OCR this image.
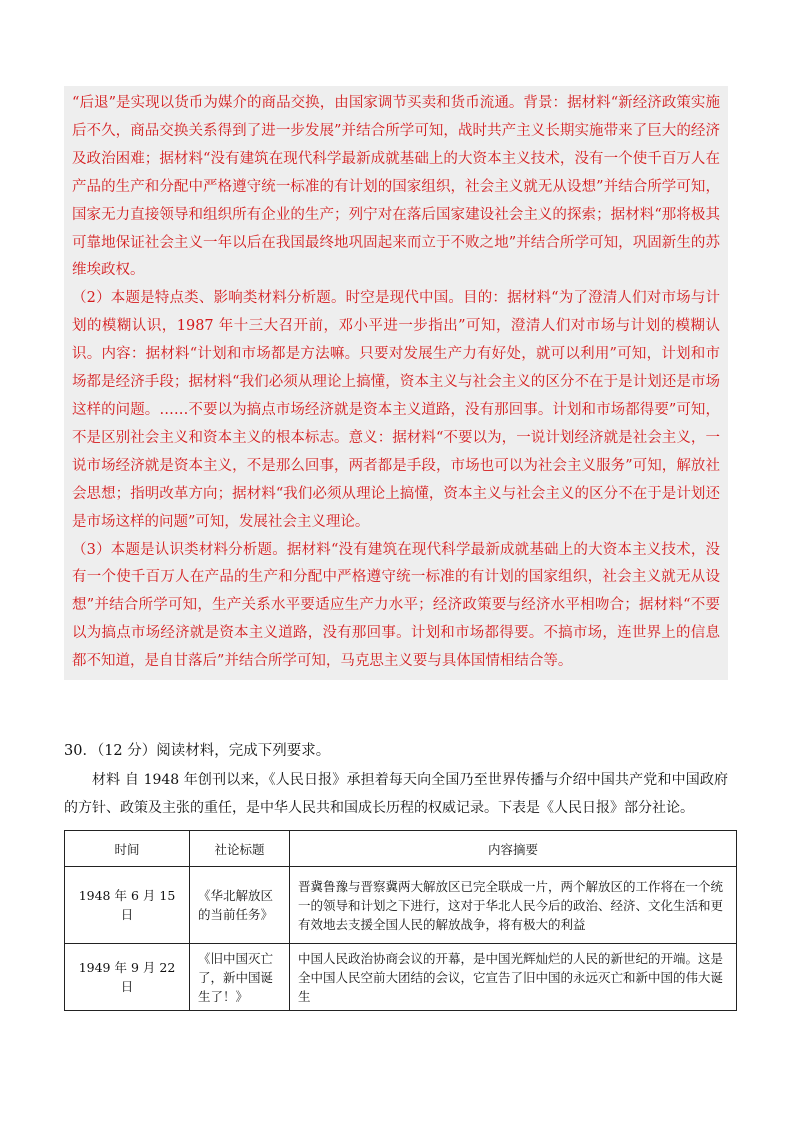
“后退”是实现以货币为媒介的商品交换，由国家调节买卖和货币流通。背景：据材料“新经济政策实施后不久，商品交换关系得到了进一步发展”并结合所学可知，战时共产主义长期实施带来了巨大的经济及政治困难；据材料“没有建筑在现代科学最新成就基础上的大资本主义技术，没有一个使千百万人在产品的生产和分配中严格遵守统一标准的有计划的国家组织，社会主义就无从设想”并结合所学可知，国家无力直接领导和组织所有企业的生产；列宁对在落后国家建设社会主义的探索；据材料“那将极其可靠地保证社会主义一年以后在我国最终地巩固起来而立于不败之地”并结合所学可知，巩固新生的苏维埃政权。

（2）本题是特点类、影响类材料分析题。时空是现代中国。目的：据材料“为了澄清人们对市场与计划的模糊认识，1987 年十三大召开前，邓小平进一步指出”可知，澄清人们对市场与计划的模糊认识。内容：据材料“计划和市场都是方法嘛。只要对发展生产力有好处，就可以利用”可知，计划和市场都是经济手段；据材料“我们必须从理论上搞懂，资本主义与社会主义的区分不在于是计划还是市场这样的问题。……不要以为搞点市场经济就是资本主义道路，没有那回事。计划和市场都得要”可知，不是区别社会主义和资本主义的根本标志。意义：据材料“不要以为，一说计划经济就是社会主义，一说市场经济就是资本主义，不是那么回事，两者都是手段，市场也可以为社会主义服务”可知，解放社会思想；指明改革方向；据材料“我们必须从理论上搞懂，资本主义与社会主义的区分不在于是计划还是市场这样的问题”可知，发展社会主义理论。

（3）本题是认识类材料分析题。据材料“没有建筑在现代科学最新成就基础上的大资本主义技术，没有一个使千百万人在产品的生产和分配中严格遵守统一标准的有计划的国家组织，社会主义就无从设想”并结合所学可知，生产关系水平要适应生产力水平；经济政策要与经济水平相吻合；据材料“不要以为搞点市场经济就是资本主义道路，没有那回事。计划和市场都得要。不搞市场，连世界上的信息都不知道，是自甘落后”并结合所学可知，马克思主义要与具体国情相结合等。

30．（12 分）阅读材料，完成下列要求。
材料 自 1948 年创刊以来，《人民日报》承担着每天向全国乃至世界传播与介绍中国共产党和中国政府的方针、政策及主张的重任，是中华人民共和国成长历程的权威记录。下表是《人民日报》部分社论。
时间	社论标题	内容摘要
1948 年 6 月 15 日	《华北解放区的当前任务》	晋冀鲁豫与晋察冀两大解放区已完全联成一片，两个解放区的工作将在一个统一的领导和计划之下进行，这对于华北人民今后的政治、经济、文化生活和更有效地去支援全国人民的解放战争，将有极大的利益
1949 年 9 月 22 日	《旧中国灭亡了，新中国诞生了！》	中国人民政治协商会议的开幕，是中国光辉灿烂的人民的新世纪的开端。这是全中国人民空前大团结的会议，它宣告了旧中国的永远灭亡和新中国的伟大诞生
